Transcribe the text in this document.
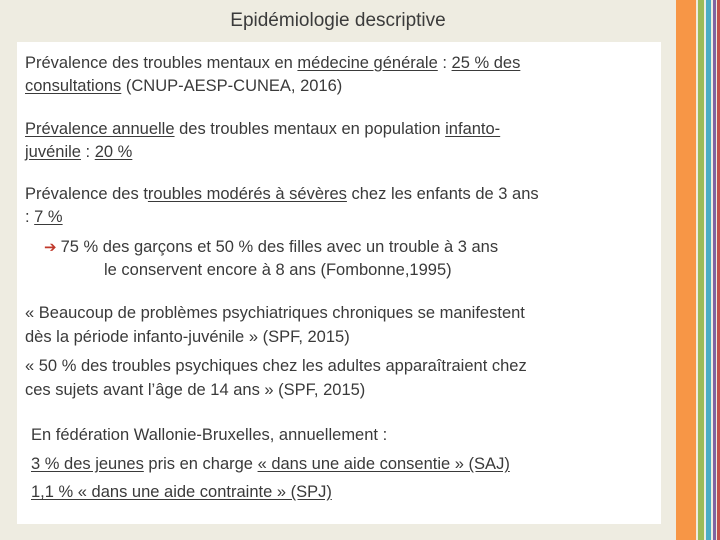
Epidémiologie descriptive
Prévalence des troubles mentaux en médecine générale : 25 % des
consultations (CNUP-AESP-CUNEA, 2016)
Prévalence annuelle des troubles mentaux en population infanto-
juvénile : 20 %
Prévalence des troubles modérés à sévères chez les enfants de 3 ans
: 7 %
➔ 75 % des garçons et 50 % des filles avec un trouble à 3 ans
le conservent encore à 8 ans (Fombonne,1995)
« Beaucoup de problèmes psychiatriques chroniques se manifestent
dès la période infanto-juvénile » (SPF, 2015)
« 50 % des troubles psychiques chez les adultes apparaîtraient chez
ces sujets avant l’âge de 14 ans » (SPF, 2015)
En fédération Wallonie-Bruxelles, annuellement :
3 % des jeunes pris en charge « dans une aide consentie » (SAJ)
1,1 % « dans une aide contrainte » (SPJ)
